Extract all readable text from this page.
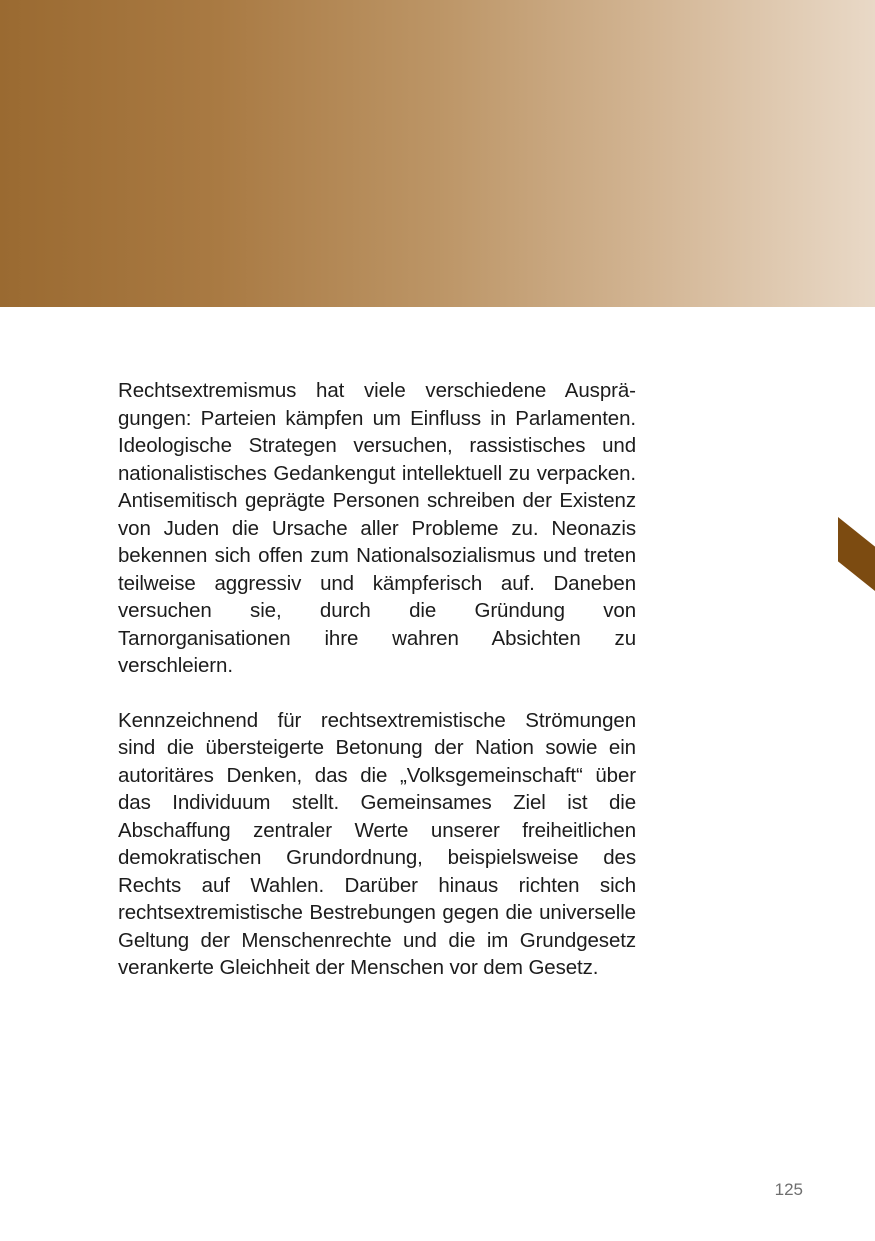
Rechtsextremismus hat viele verschiedene Ausprägungen: Parteien kämpfen um Einfluss in Parlamenten. Ideologische Strategen versuchen, rassistisches und nationalistisches Gedankengut intellektuell zu verpacken. Antisemitisch geprägte Personen schreiben der Existenz von Juden die Ursache aller Probleme zu. Neonazis bekennen sich offen zum Nationalsozialismus und treten teilweise aggressiv und kämpferisch auf. Daneben versuchen sie, durch die Gründung von Tarnorganisationen ihre wahren Absichten zu verschleiern.

Kennzeichnend für rechtsextremistische Strömungen sind die übersteigerte Betonung der Nation sowie ein autoritäres Denken, das die „Volksgemeinschaft“ über das Individuum stellt. Gemeinsames Ziel ist die Abschaffung zentraler Werte unserer freiheitlichen demokratischen Grundordnung, beispielsweise des Rechts auf Wahlen. Darüber hinaus richten sich rechtsextremistische Bestrebungen gegen die universelle Geltung der Menschenrechte und die im Grundgesetz verankerte Gleichheit der Menschen vor dem Gesetz.

125
